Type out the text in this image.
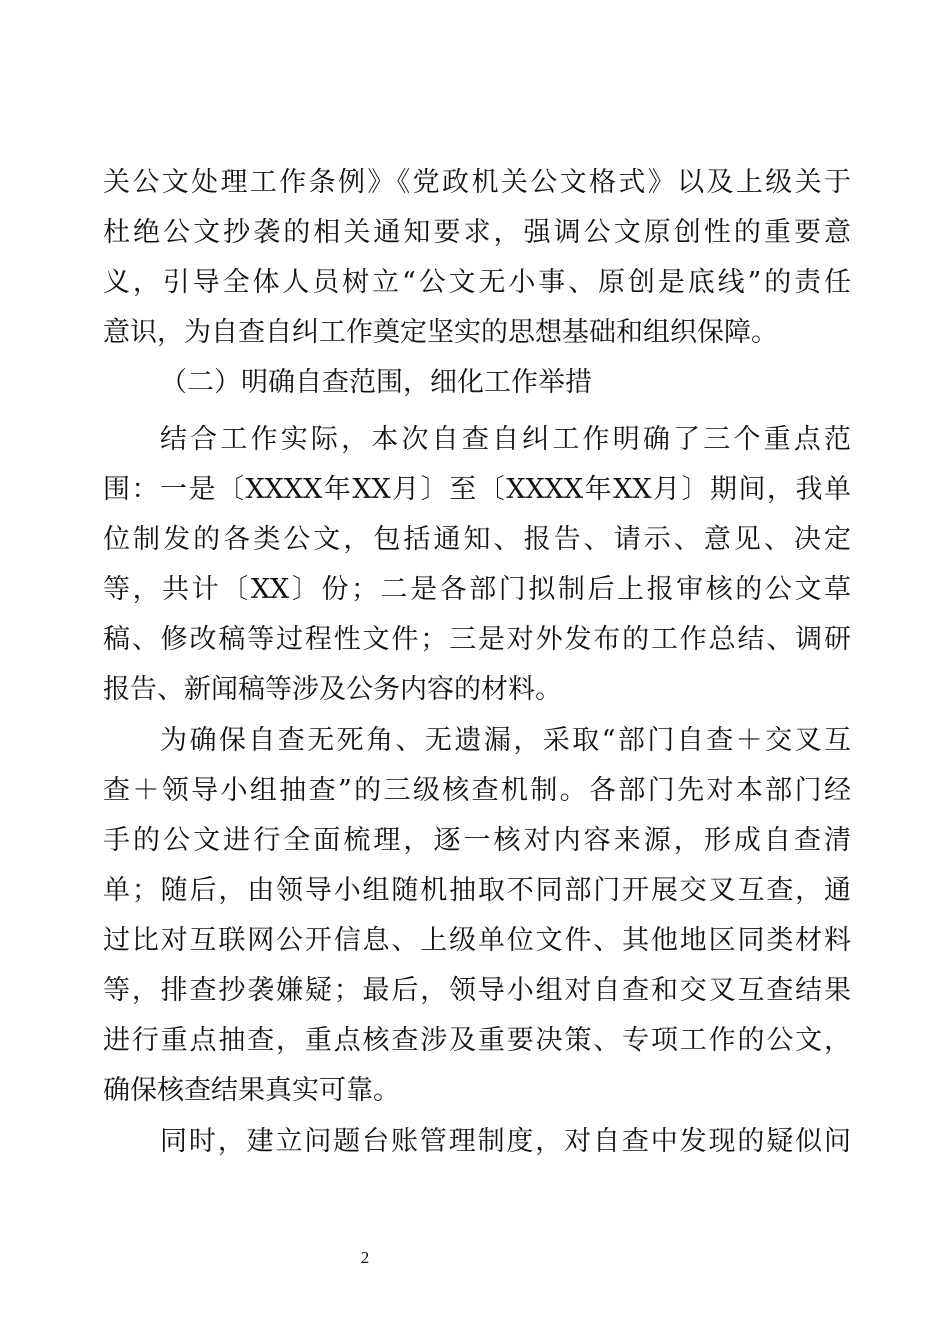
关公文处理工作条例》《党政机关公文格式》以及上级关于
杜绝公文抄袭的相关通知要求，强调公文原创性的重要意
义，引导全体人员树立“公文无小事、原创是底线”的责任
意识，为自查自纠工作奠定坚实的思想基础和组织保障。
（二）明确自查范围，细化工作举措
结合工作实际，本次自查自纠工作明确了三个重点范
围：一是〔XXXX年XX月〕至〔XXXX年XX月〕期间，我单
位制发的各类公文，包括通知、报告、请示、意见、决定
等，共计〔XX〕份；二是各部门拟制后上报审核的公文草
稿、修改稿等过程性文件；三是对外发布的工作总结、调研
报告、新闻稿等涉及公务内容的材料。
为确保自查无死角、无遗漏，采取“部门自查＋交叉互
查＋领导小组抽查”的三级核查机制。各部门先对本部门经
手的公文进行全面梳理，逐一核对内容来源，形成自查清
单；随后，由领导小组随机抽取不同部门开展交叉互查，通
过比对互联网公开信息、上级单位文件、其他地区同类材料
等，排查抄袭嫌疑；最后，领导小组对自查和交叉互查结果
进行重点抽查，重点核查涉及重要决策、专项工作的公文，
确保核查结果真实可靠。
同时，建立问题台账管理制度，对自查中发现的疑似问
2
